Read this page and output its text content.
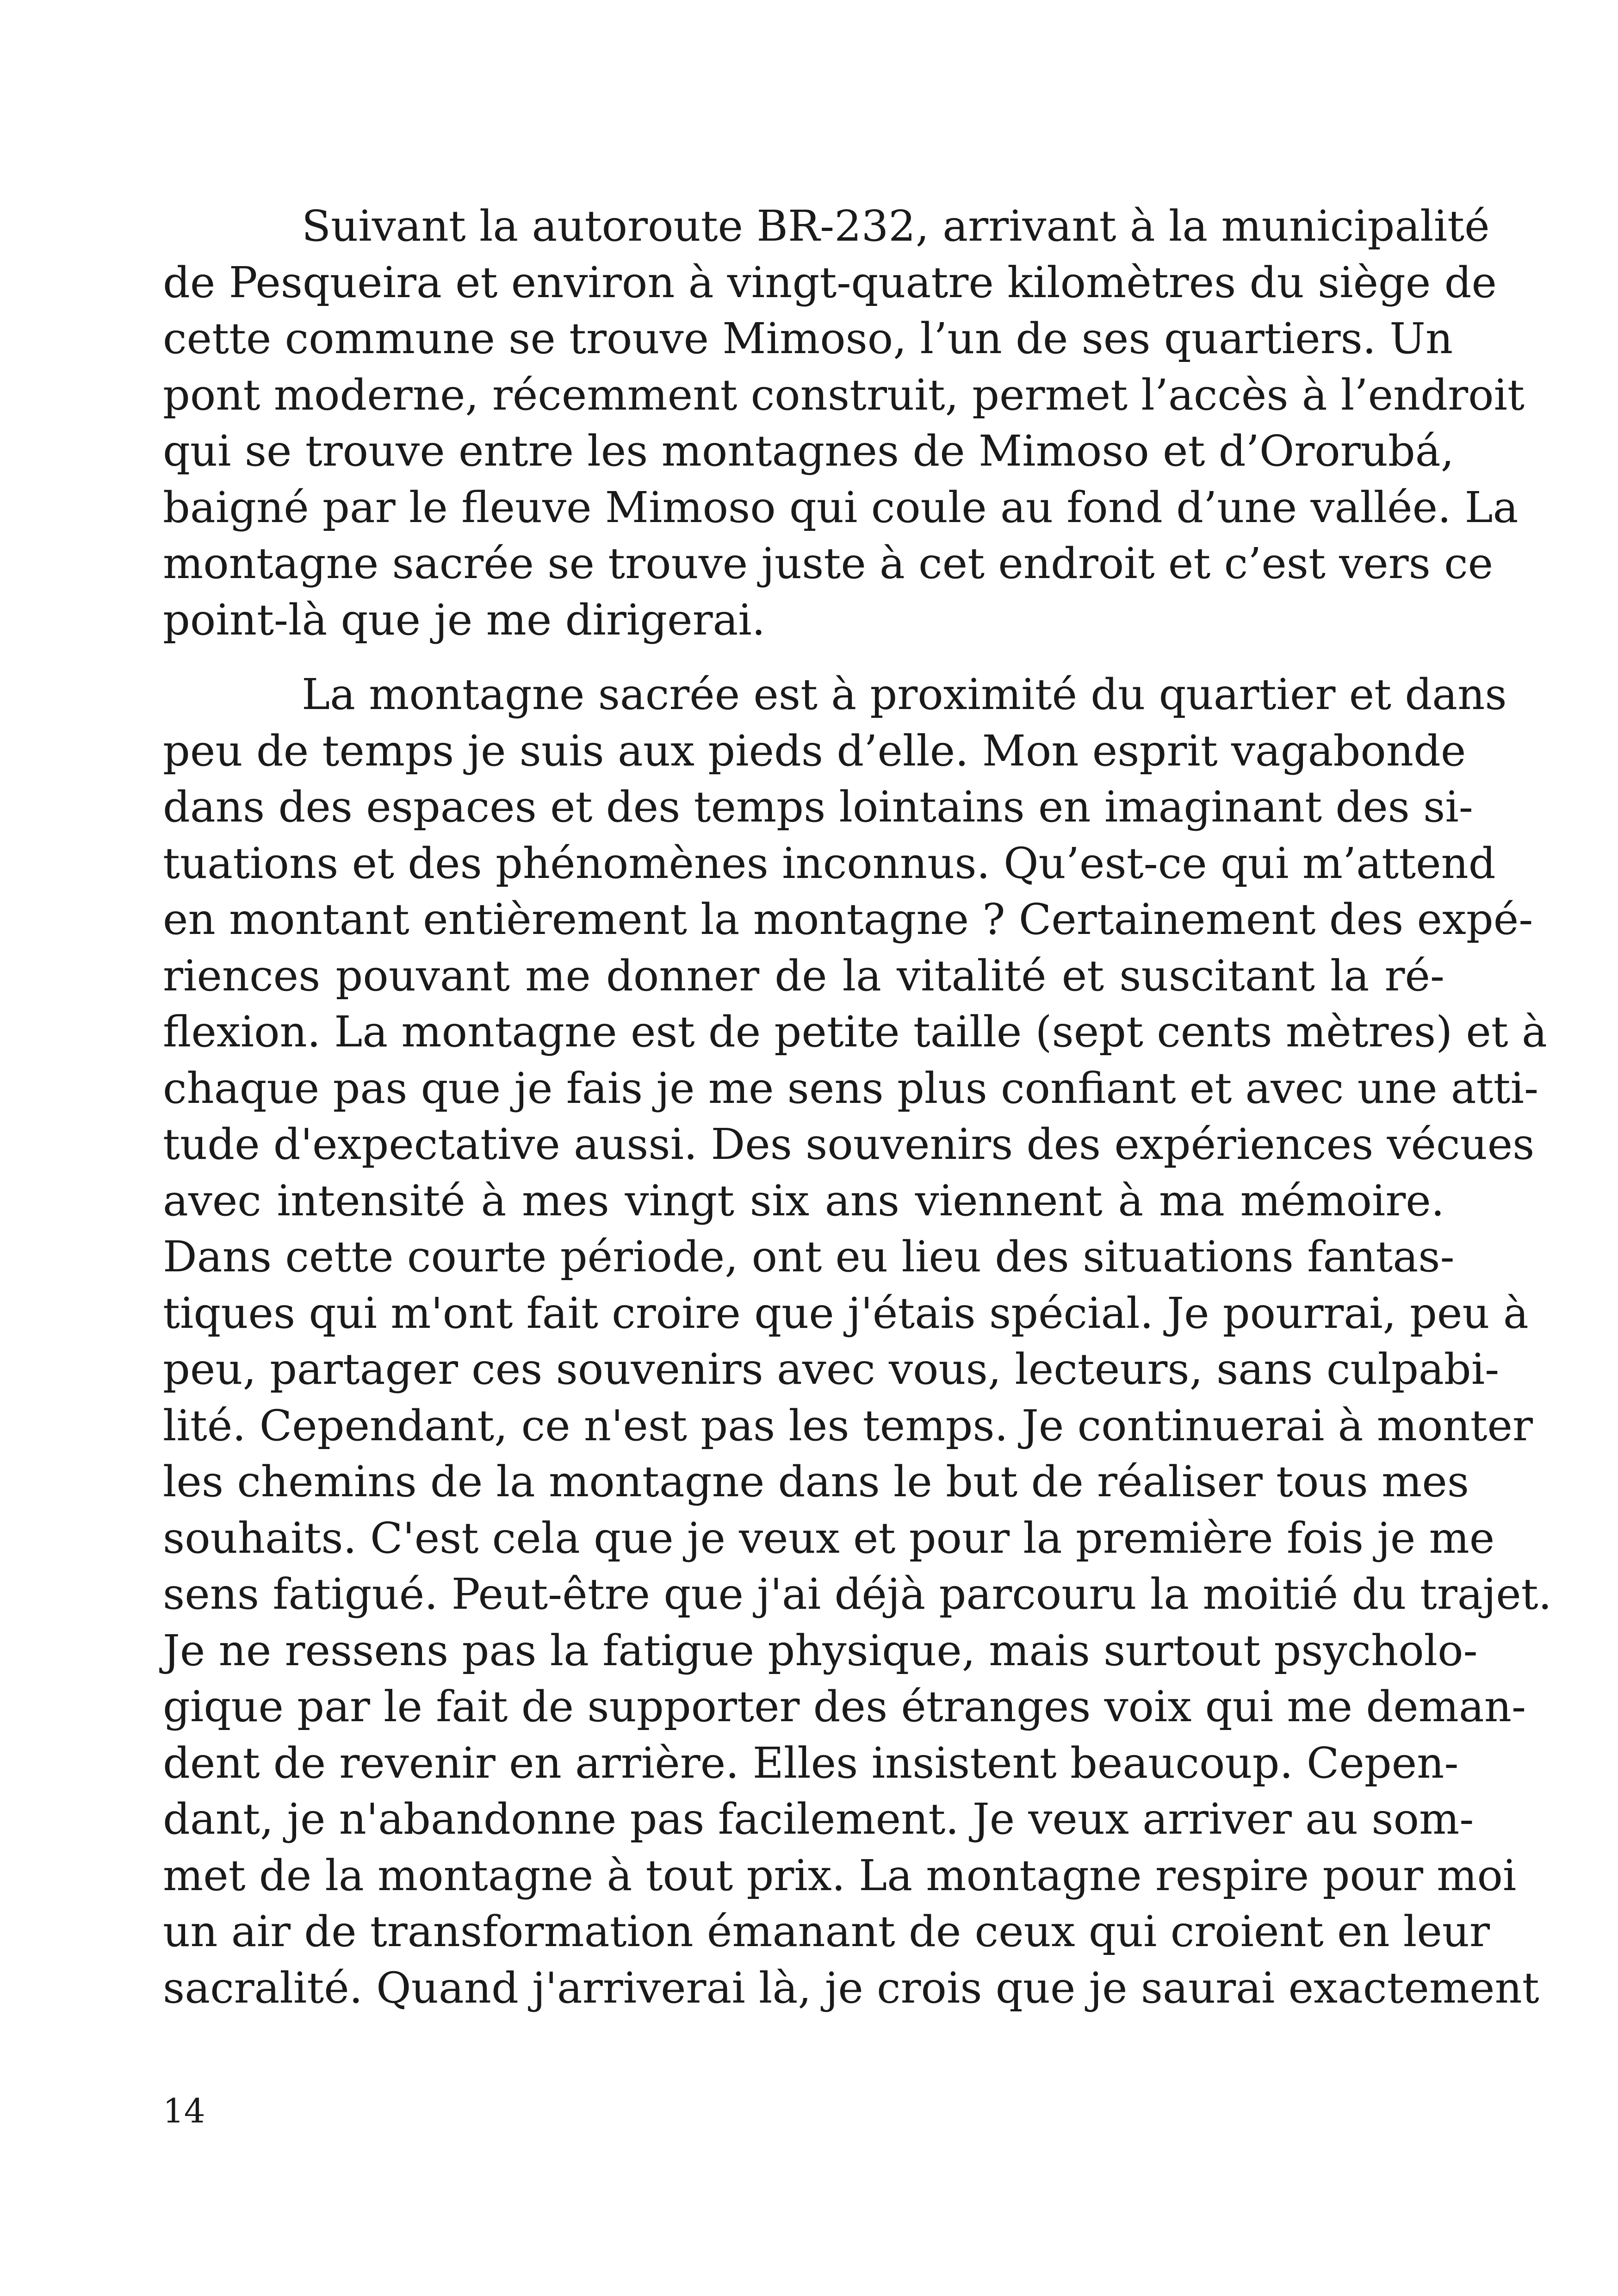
Suivant la autoroute BR-232, arrivant à la municipalité
de Pesqueira et environ à vingt-quatre kilomètres du siège de
cette commune se trouve Mimoso, l’un de ses quartiers. Un
pont moderne, récemment construit, permet l’accès à l’endroit
qui se trouve entre les montagnes de Mimoso et d’Ororubá,
baigné par le fleuve Mimoso qui coule au fond d’une vallée. La
montagne sacrée se trouve juste à cet endroit et c’est vers ce
point-là que je me dirigerai.
La montagne sacrée est à proximité du quartier et dans
peu de temps je suis aux pieds d’elle. Mon esprit vagabonde
dans des espaces et des temps lointains en imaginant des si-
tuations et des phénomènes inconnus. Qu’est-ce qui m’attend
en montant entièrement la montagne ? Certainement des expé-
riences pouvant me donner de la vitalité et suscitant la ré-
flexion. La montagne est de petite taille (sept cents mètres) et à
chaque pas que je fais je me sens plus confiant et avec une atti-
tude d'expectative aussi. Des souvenirs des expériences vécues
avec intensité à mes vingt six ans viennent à ma mémoire.
Dans cette courte période, ont eu lieu des situations fantas-
tiques qui m'ont fait croire que j'étais spécial. Je pourrai, peu à
peu, partager ces souvenirs avec vous, lecteurs, sans culpabi-
lité. Cependant, ce n'est pas les temps. Je continuerai à monter
les chemins de la montagne dans le but de réaliser tous mes
souhaits. C'est cela que je veux et pour la première fois je me
sens fatigué. Peut-être que j'ai déjà parcouru la moitié du trajet.
Je ne ressens pas la fatigue physique, mais surtout psycholo-
gique par le fait de supporter des étranges voix qui me deman-
dent de revenir en arrière. Elles insistent beaucoup. Cepen-
dant, je n'abandonne pas facilement. Je veux arriver au som-
met de la montagne à tout prix. La montagne respire pour moi
un air de transformation émanant de ceux qui croient en leur
sacralité. Quand j'arriverai là, je crois que je saurai exactement
14
